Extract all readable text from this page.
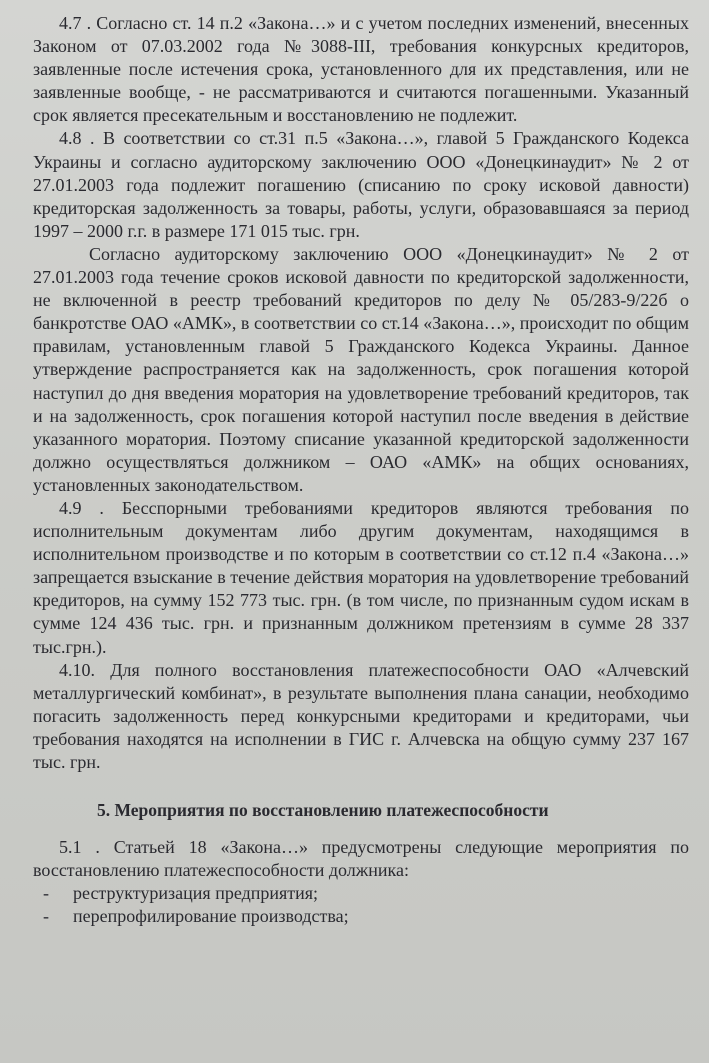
4.7 . Согласно ст. 14 п.2 «Закона…» и с учетом последних изменений, внесенных Законом от 07.03.2002 года №3088-III, требования конкурсных кредиторов, заявленные после истечения срока, установленного для их представления, или не заявленные вообще, - не рассматриваются и считаются погашенными. Указанный срок является пресекательным и восстановлению не подлежит.

4.8 . В соответствии со ст.31 п.5 «Закона…», главой 5 Гражданского Кодекса Украины и согласно аудиторскому заключению ООО «Донецкинаудит» № 2 от 27.01.2003 года подлежит погашению (списанию по сроку исковой давности) кредиторская задолженность за товары, работы, услуги, образовавшаяся за период 1997 – 2000 г.г. в размере 171 015 тыс. грн.

Согласно аудиторскому заключению ООО «Донецкинаудит» № 2 от 27.01.2003 года течение сроков исковой давности по кредиторской задолженности, не включенной в реестр требований кредиторов по делу № 05/283-9/22б о банкротстве ОАО «АМК», в соответствии со ст.14 «Закона…», происходит по общим правилам, установленным главой 5 Гражданского Кодекса Украины. Данное утверждение распространяется как на задолженность, срок погашения которой наступил до дня введения моратория на удовлетворение требований кредиторов, так и на задолженность, срок погашения которой наступил после введения в действие указанного моратория. Поэтому списание указанной кредиторской задолженности должно осуществляться должником – ОАО «АМК» на общих основаниях, установленных законодательством.

4.9 . Бесспорными требованиями кредиторов являются требования по исполнительным документам либо другим документам, находящимся в исполнительном производстве и по которым в соответствии со ст.12 п.4 «Закона…» запрещается взыскание в течение действия моратория на удовлетворение требований кредиторов, на сумму 152 773 тыс. грн. (в том числе, по признанным судом искам в сумме 124 436 тыс. грн. и признанным должником претензиям в сумме 28 337 тыс.грн.).

4.10. Для полного восстановления платежеспособности ОАО «Алчевский металлургический комбинат», в результате выполнения плана санации, необходимо погасить задолженность перед конкурсными кредиторами и кредиторами, чьи требования находятся на исполнении в ГИС г. Алчевска на общую сумму 237 167 тыс. грн.

5. Мероприятия по восстановлению платежеспособности

5.1 . Статьей 18 «Закона…» предусмотрены следующие мероприятия по восстановлению платежеспособности должника:

-	реструктуризация предприятия;
-	перепрофилирование производства;
